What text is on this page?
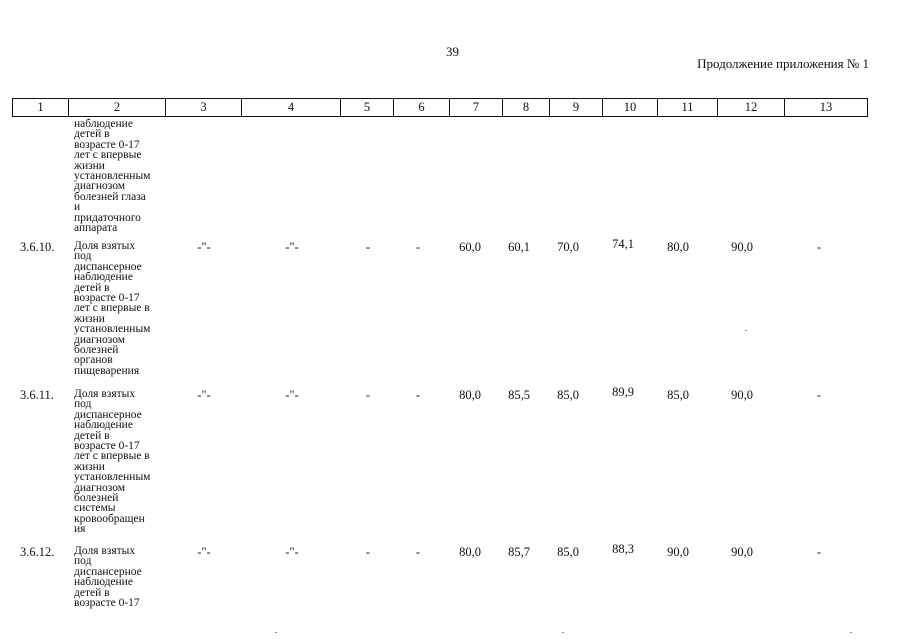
39
Продолжение приложения № 1
1	2	3	4	5	6	7	8	9	10	11	12	13
наблюдение
детей в
возрасте 0-17
лет с впервые
жизни
установленным
диагнозом
болезней глаза
и
придаточного
аппарата
3.6.10. Доля взятых
под
диспансерное
наблюдение
детей в
возрасте 0-17
лет с впервые в
жизни
установленным
диагнозом
болезней
органов
пищеварения
-"-	-"-	-	-	60,0	60,1	70,0	74,1	80,0	90,0	-
3.6.11. Доля взятых
под
диспансерное
наблюдение
детей в
возрасте 0-17
лет с впервые в
жизни
установленным
диагнозом
болезней
системы
кровообращен
ия
-"-	-"-	-	-	80,0	85,5	85,0	89,9	85,0	90,0	-
3.6.12. Доля взятых
под
диспансерное
наблюдение
детей в
возрасте 0-17
-"-	-"-	-	-	80,0	85,7	85,0	88,3	90,0	90,0	-
